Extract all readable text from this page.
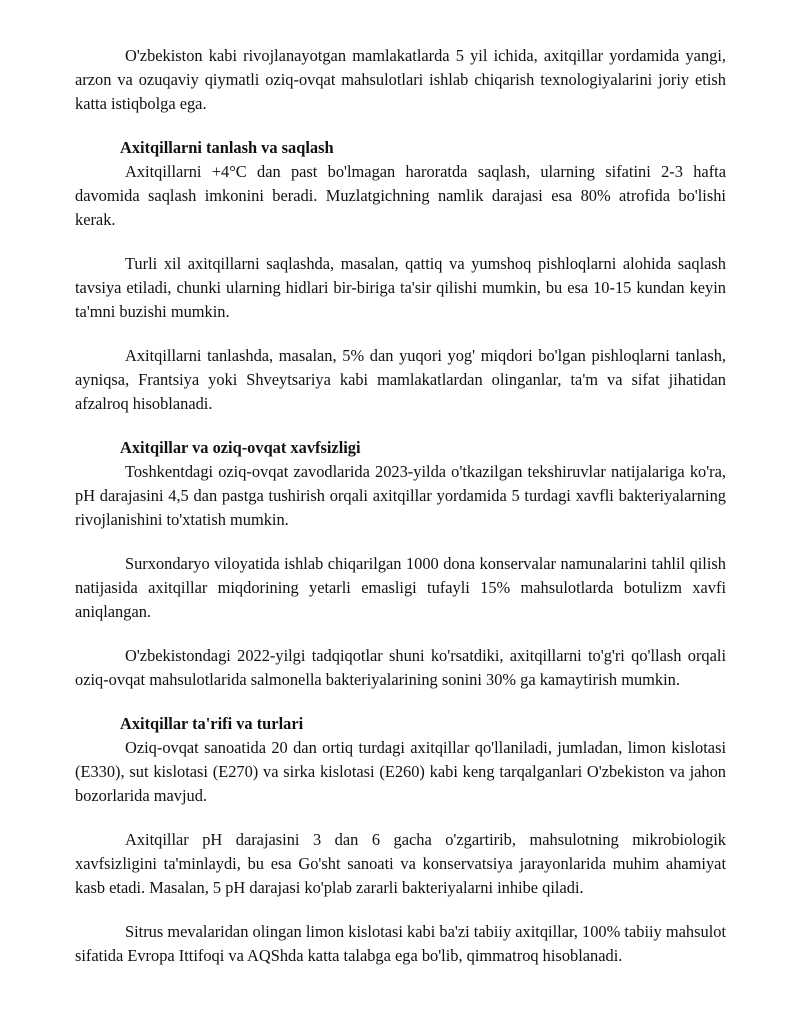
O'zbekiston kabi rivojlanayotgan mamlakatlarda 5 yil ichida, axitqillar yordamida yangi, arzon va ozuqaviy qiymatli oziq-ovqat mahsulotlari ishlab chiqarish texnologiyalarini joriy etish katta istiqbolga ega.

Axitqillarni tanlash va saqlash

Axitqillarni +4°C dan past bo'lmagan haroratda saqlash, ularning sifatini 2-3 hafta davomida saqlash imkonini beradi. Muzlatgichning namlik darajasi esa 80% atrofida bo'lishi kerak.

Turli xil axitqillarni saqlashda, masalan, qattiq va yumshoq pishloqlarni alohida saqlash tavsiya etiladi, chunki ularning hidlari bir-biriga ta'sir qilishi mumkin, bu esa 10-15 kundan keyin ta'mni buzishi mumkin.

Axitqillarni tanlashda, masalan, 5% dan yuqori yog' miqdori bo'lgan pishloqlarni tanlash, ayniqsa, Frantsiya yoki Shveytsariya kabi mamlakatlardan olinganlar, ta'm va sifat jihatidan afzalroq hisoblanadi.

Axitqillar va oziq-ovqat xavfsizligi

Toshkentdagi oziq-ovqat zavodlarida 2023-yilda o'tkazilgan tekshiruvlar natijalariga ko'ra, pH darajasini 4,5 dan pastga tushirish orqali axitqillar yordamida 5 turdagi xavfli bakteriyalarning rivojlanishini to'xtatish mumkin.

Surxondaryo viloyatida ishlab chiqarilgan 1000 dona konservalar namunalarini tahlil qilish natijasida axitqillar miqdorining yetarli emasligi tufayli 15% mahsulotlarda botulizm xavfi aniqlangan.

O'zbekistondagi 2022-yilgi tadqiqotlar shuni ko'rsatdiki, axitqillarni to'g'ri qo'llash orqali oziq-ovqat mahsulotlarida salmonella bakteriyalarining sonini 30% ga kamaytirish mumkin.

Axitqillar ta'rifi va turlari

Oziq-ovqat sanoatida 20 dan ortiq turdagi axitqillar qo'llaniladi, jumladan, limon kislotasi (E330), sut kislotasi (E270) va sirka kislotasi (E260) kabi keng tarqalganlari O'zbekiston va jahon bozorlarida mavjud.

Axitqillar pH darajasini 3 dan 6 gacha o'zgartirib, mahsulotning mikrobiologik xavfsizligini ta'minlaydi, bu esa Go'sht sanoati va konservatsiya jarayonlarida muhim ahamiyat kasb etadi. Masalan, 5 pH darajasi ko'plab zararli bakteriyalarni inhibe qiladi.

Sitrus mevalaridan olingan limon kislotasi kabi ba'zi tabiiy axitqillar, 100% tabiiy mahsulot sifatida Evropa Ittifoqi va AQShda katta talabga ega bo'lib, qimmatroq hisoblanadi.
